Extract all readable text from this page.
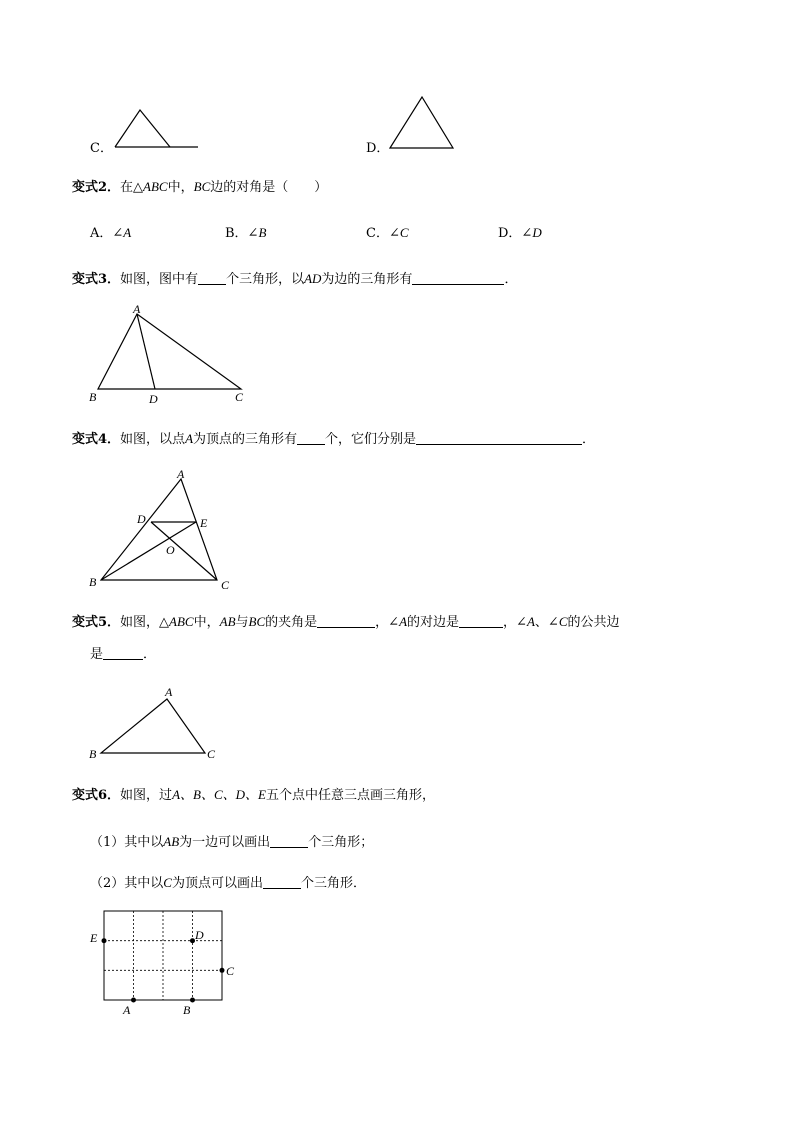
C．	D．
变式2．在△ABC中，BC边的对角是（　　）
A．∠A	B．∠B	C．∠C	D．∠D
变式3．如图，图中有 个三角形，以AD为边的三角形有	．
A
B	D	C
变式4．如图，以点A为顶点的三角形有 个，它们分别是	．
A
D	E
O
B	C
变式5．如图，△ABC中，AB与BC的夹角是	，∠A的对边是	，∠A、∠C的公共边
是	．
A
B	C
变式6．如图，过A、B、C、D、E五个点中任意三点画三角形，
（1）其中以AB为一边可以画出	个三角形；
（2）其中以C为顶点可以画出	个三角形．
E	D
C
A	B
